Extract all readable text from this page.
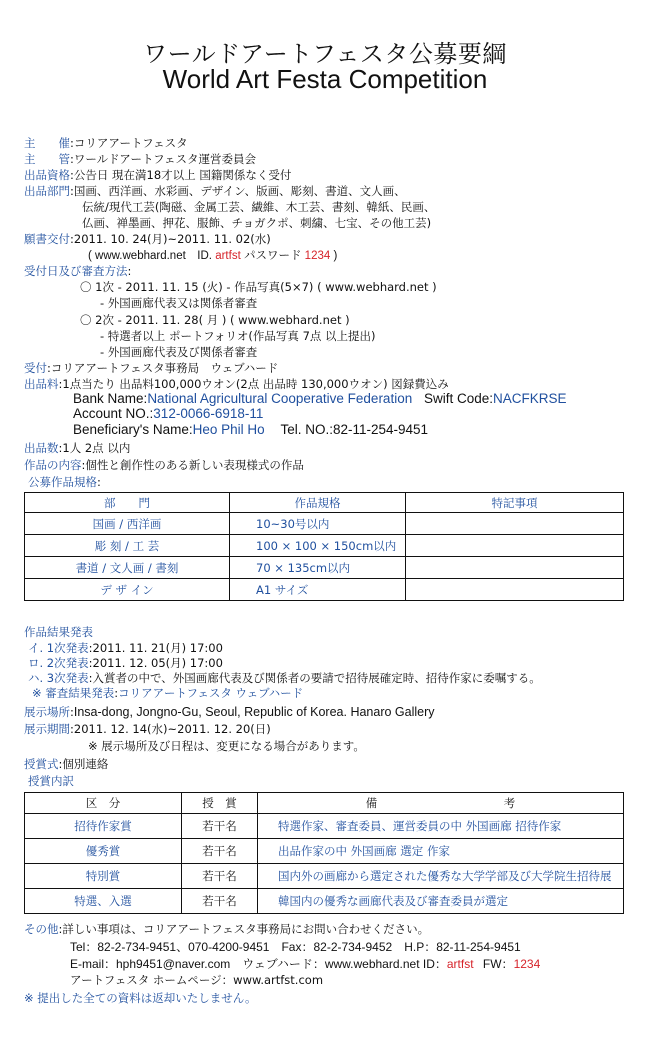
ワールドアートフェスタ公募要綱
World Art Festa Competition
主　　催:コリアアートフェスタ
主　　管:ワールドアートフェスタ運営委員会
出品資格:公告日 現在満18才以上 国籍関係なく受付
出品部門:国画、西洋画、水彩画、デザイン、版画、彫刻、書道、文人画、
伝統/現代工芸(陶磁、金属工芸、繊維、木工芸、書刻、韓紙、民画、
仏画、禅墨画、押花、服飾、チョガクポ、刺繍、七宝、その他工芸)
願書交付:2011. 10. 24(月)~2011. 11. 02(水)
( www.webhard.net　ID. artfst パスワード 1234 )
受付日及び審査方法:
〇 1次 - 2011. 11. 15 (火) - 作品写真(5×7) ( www.webhard.net )
- 外国画廊代表又は関係者審査
〇 2次 - 2011. 11. 28( 月 ) ( www.webhard.net )
- 特選者以上 ポートフォリオ(作品写真 7点 以上提出)
- 外国画廊代表及び関係者審査
受付:コリアアートフェスタ事務局　ウェブハード
出品料:1点当たり 出品料100,000ウオン(2点 出品時 130,000ウオン) 図録費込み
Bank Name:National Agricultural Cooperative Federation Swift Code:NACFKRSE
Account NO.:312-0066-6918-11
Beneficiary's Name:Heo Phil Ho Tel. NO.:82-11-254-9451
出品数:1人 2点 以内
作品の内容:個性と創作性のある新しい表現様式の作品
公募作品規格:
部　　門	作品規格	特記事項
国画 / 西洋画	10~30号以内	
彫 刻 / 工 芸	100 × 100 × 150cm以内	
書道 / 文人画 / 書刻	70 × 135cm以内	
デ ザ イン	A1 サイズ	
作品結果発表
イ. 1次発表:2011. 11. 21(月) 17:00
ロ. 2次発表:2011. 12. 05(月) 17:00
ハ. 3次発表:入賞者の中で、外国画廊代表及び関係者の要請で招待展確定時、招待作家に委嘱する。
※ 審査結果発表:コリアアートフェスタ ウェブハード
展示場所:Insa-dong, Jongno-Gu, Seoul, Republic of Korea. Hanaro Gallery
展示期間:2011. 12. 14(水)~2011. 12. 20(日)
※ 展示場所及び日程は、変更になる場合があります。
授賞式:個別連絡
授賞内訳
区　分	授　賞	備　　　　　　　　　　　考
招待作家賞	若干名	特選作家、審査委員、運営委員の中 外国画廊 招待作家
優秀賞	若干名	出品作家の中 外国画廊 選定 作家
特別賞	若干名	国内外の画廊から選定された優秀な大学学部及び大学院生招待展
特選、入選	若干名	韓国内の優秀な画廊代表及び審査委員が選定
その他:詳しい事項は、コリアアートフェスタ事務局にお問い合わせください。
Tel：82-2-734-9451、070-4200-9451　Fax：82-2-734-9452　H.P：82-11-254-9451
E-mail：hph9451@naver.com　ウェブハード：www.webhard.net ID：artfst FW：1234
アートフェスタ ホームページ：www.artfst.com
※ 提出した全ての資料は返却いたしません。
